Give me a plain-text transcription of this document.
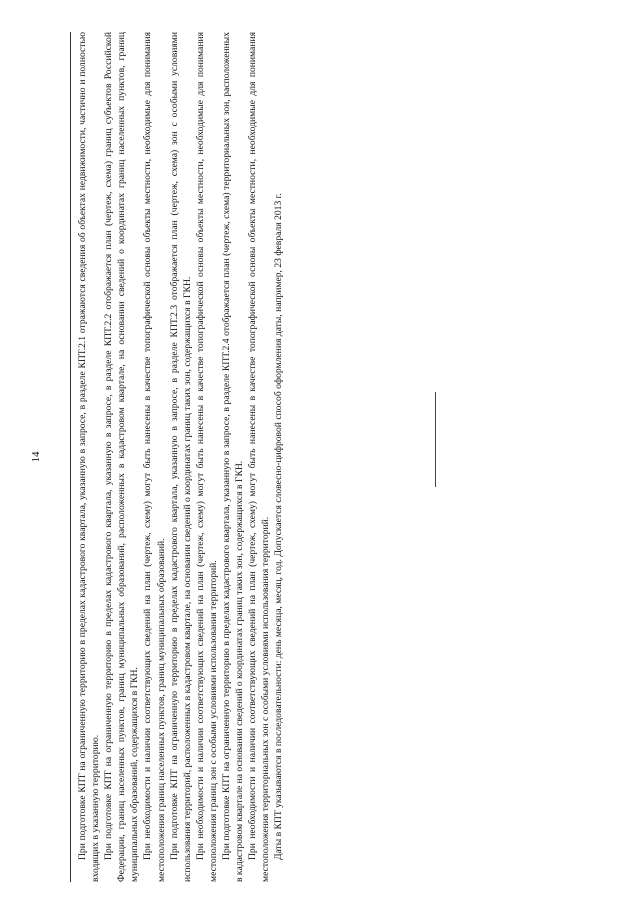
14	При подготовке КПТ на ограниченную территорию в пределах кадастрового квартала, указанную в запросе, в разделе КПТ.2.1 отражаются сведения об объектах недвижимости, частично и полностью входящих в указанную территорию. При подготовке КПТ на ограниченную территорию в пределах кадастрового квартала, указанную в запросе, в разделе КПТ.2.2 отображается план (чертеж, схема) границ субъектов Российской Федерации, границ населенных пунктов, границ муниципальных образований, расположенных в кадастровом квартале, на основании сведений о координатах границ населенных пунктов, границ муниципальных образований, содержащихся в ГКН. При необходимости и наличии соответствующих сведений на план (чертеж, схему) могут быть нанесены в качестве топографической основы объекты местности, необходимые для понимания местоположения границ населенных пунктов, границ муниципальных образований. При подготовке КПТ на ограниченную территорию в пределах кадастрового квартала, указанную в запросе, в разделе КПТ.2.3 отображается план (чертеж, схема) зон с особыми условиями использования территорий, расположенных в кадастровом квартале, на основании сведений о координатах границ таких зон, содержащихся в ГКН. При необходимости и наличии соответствующих сведений на план (чертеж, схему) могут быть нанесены в качестве топографической основы объекты местности, необходимые для понимания местоположения границ зон с особыми условиями использования территорий. При подготовке КПТ на ограниченную территорию в пределах кадастрового квартала, указанную в запросе, в разделе КПТ.2.4 отображается план (чертеж, схема) территориальных зон, расположенных в кадастровом квартале на основании сведений о координатах границ таких зон, содержащихся в ГКН. При необходимости и наличии соответствующих сведений на план (чертеж, схему) могут быть нанесены в качестве топографической основы объекты местности, необходимые для понимания местоположения территориальных зон с особыми условиями использования территорий. Даты в КПТ указываются в последовательности: день месяца, месяц, год. Допускается словесно-цифровой способ оформления даты, например, 23 февраля 2013 г.
